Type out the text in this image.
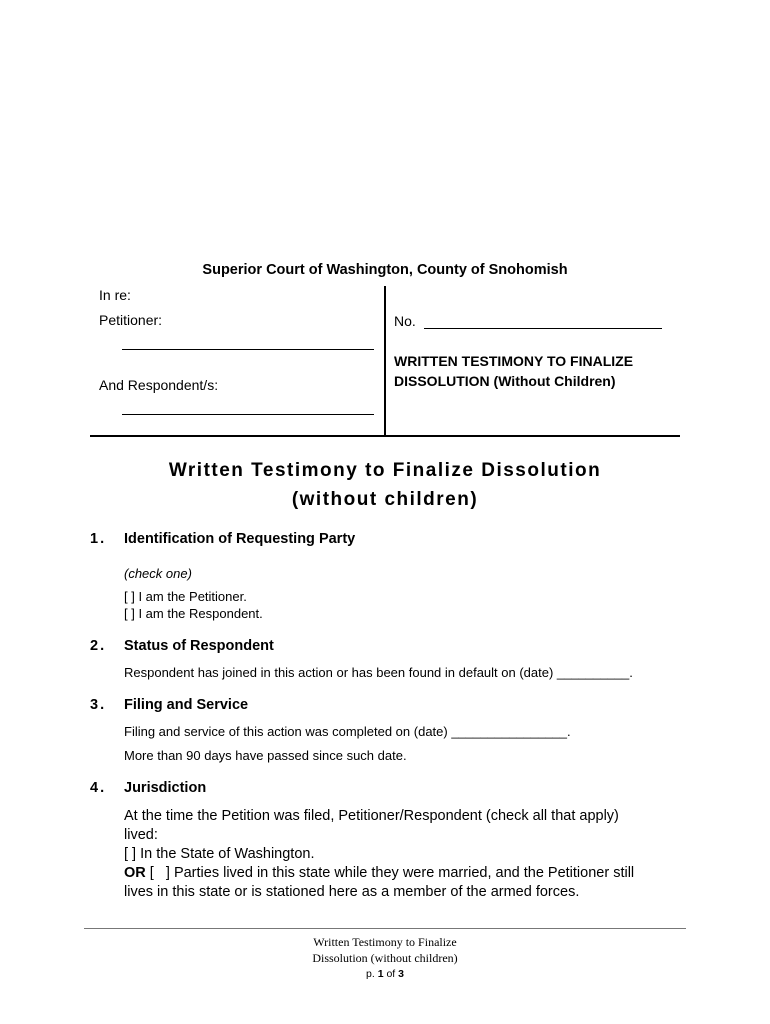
Superior Court of Washington, County of Snohomish
In re:
Petitioner:
And Respondent/s:
No.
WRITTEN TESTIMONY TO FINALIZE
DISSOLUTION (Without Children)
Written Testimony to Finalize Dissolution
(without children)
1. Identification of Requesting Party
(check one)
[ ] I am the Petitioner.
[ ] I am the Respondent.
2. Status of Respondent
Respondent has joined in this action or has been found in default on (date) __________.
3. Filing and Service
Filing and service of this action was completed on (date) ________________.
More than 90 days have passed since such date.
4. Jurisdiction
At the time the Petition was filed, Petitioner/Respondent (check all that apply)
lived:
[ ] In the State of Washington.
OR [   ] Parties lived in this state while they were married, and the Petitioner still
lives in this state or is stationed here as a member of the armed forces.
Written Testimony to Finalize
Dissolution (without children)
p. 1 of 3
